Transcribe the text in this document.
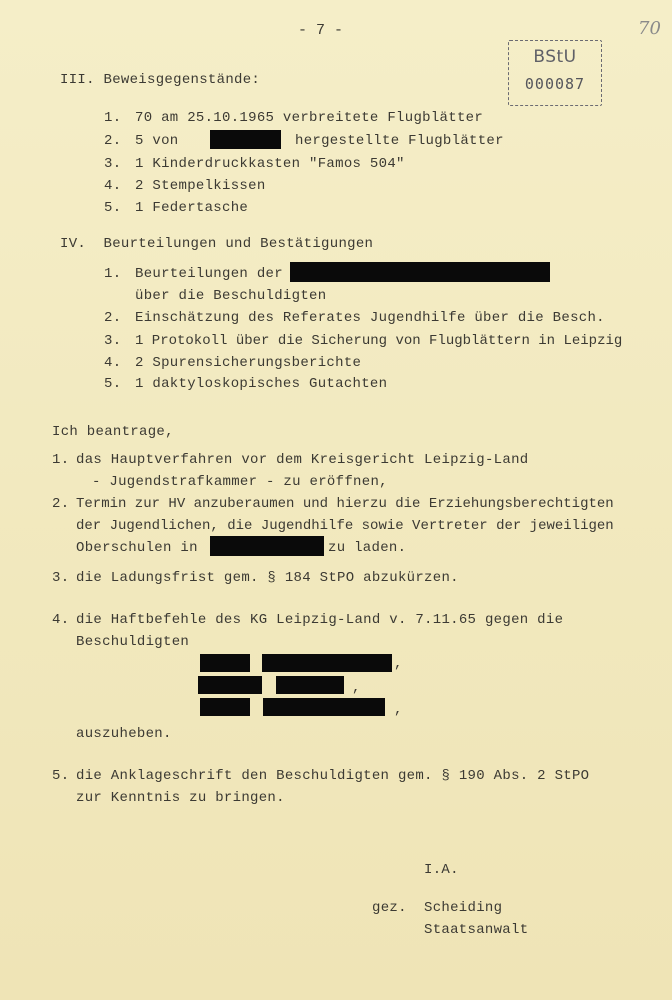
- 7 -	70
BStU
000087
III. Beweisgegenstände:
1. 70 am 25.10.1965 verbreitete Flugblätter
2. 5 von	hergestellte Flugblätter
3. 1 Kinderdruckkasten "Famos 504"
4. 2 Stempelkissen
5. 1 Federtasche
IV.  Beurteilungen und Bestätigungen
1. Beurteilungen der
über die Beschuldigten
2. Einschätzung des Referates Jugendhilfe über die Besch.
3. 1 Protokoll über die Sicherung von Flugblättern in Leipzig
4. 2 Spurensicherungsberichte
5. 1 daktyloskopisches Gutachten
Ich beantrage,
1. das Hauptverfahren vor dem Kreisgericht Leipzig-Land
- Jugendstrafkammer - zu eröffnen,
2. Termin zur HV anzuberaumen und hierzu die Erziehungsberechtigten
der Jugendlichen, die Jugendhilfe sowie Vertreter der jeweiligen
Oberschulen in	zu laden.
3. die Ladungsfrist gem. § 184 StPO abzukürzen.
4. die Haftbefehle des KG Leipzig-Land v. 7.11.65 gegen die
Beschuldigten
,
,
,
auszuheben.
5. die Anklageschrift den Beschuldigten gem. § 190 Abs. 2 StPO
zur Kenntnis zu bringen.
I.A.
gez. Scheiding
Staatsanwalt
